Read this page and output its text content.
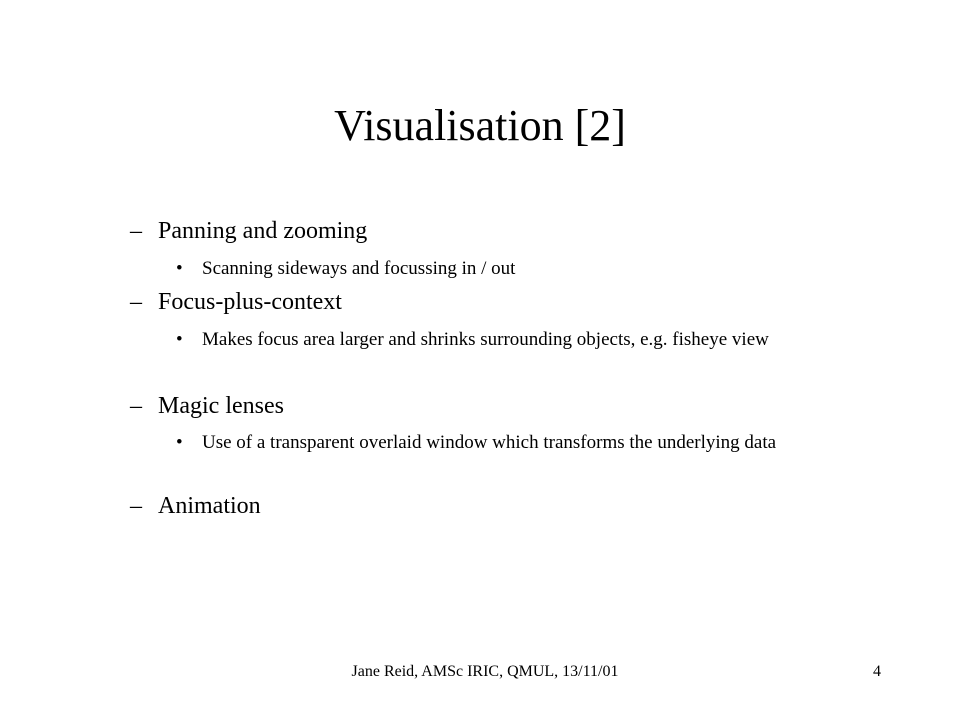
Visualisation [2]
– Panning and zooming
• Scanning sideways and focussing in / out
– Focus-plus-context
• Makes focus area larger and shrinks surrounding objects, e.g. fisheye view
– Magic lenses
• Use of a transparent overlaid window which transforms the underlying data
– Animation
Jane Reid, AMSc IRIC, QMUL, 13/11/01	4
